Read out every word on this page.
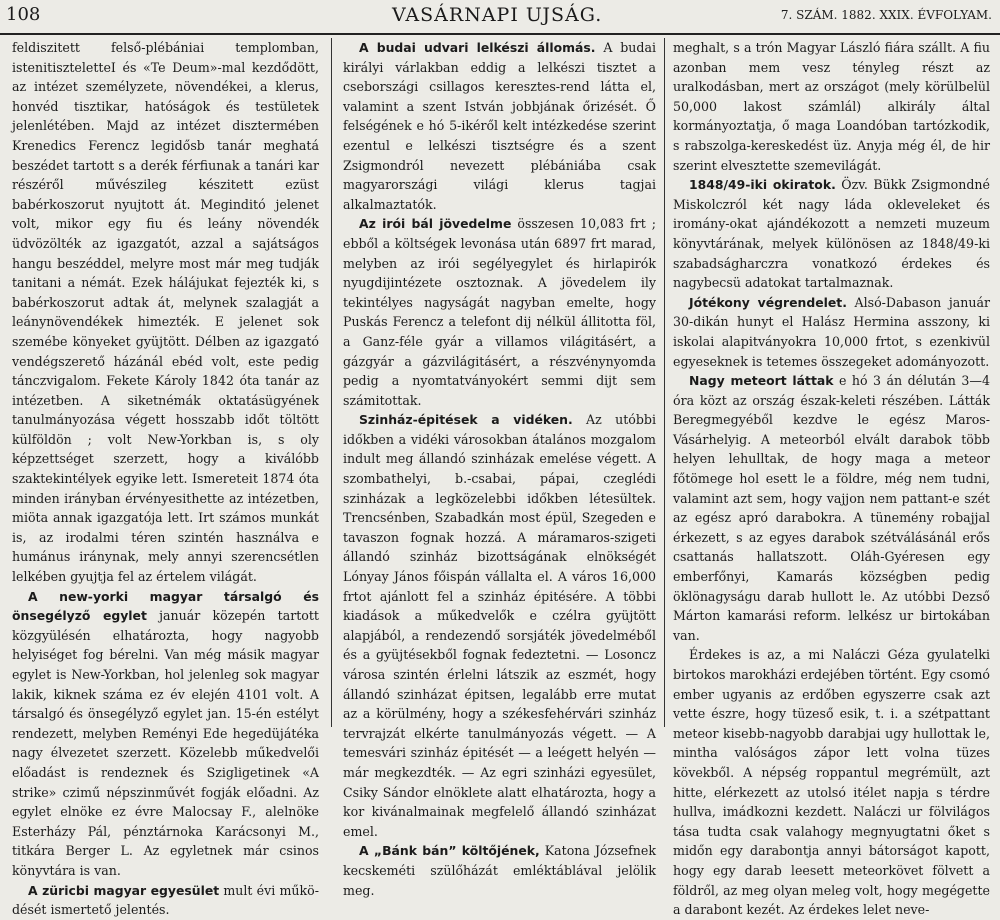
108	VASÁRNAPI UJSÁG.	7. SZÁM. 1882. XXIX. ÉVFOLYAM.

feldiszitett felső-plébániai templomban, istenitiszteletteI és «Te Deum»-mal kezdődött, az intézet személyzete, növendékei, a klerus, honvéd tisztikar, hatóságok és testületek jelenlétében. Majd az intézet disztermében Krenedics Ferencz legidősb tanár meghatá beszédet tartott s a derék férfiunak a tanári kar részéről művészileg készitett ezüst babérkoszorut nyujtott át. Meginditó jelenet volt, mikor egy fiu és leány növendék üdvözölték az igazgatót, azzal a sajátságos hangu beszéddel, melyre most már meg tudják tanitani a némát. Ezek hálájukat fejezték ki, s babérkoszorut adtak át, melynek szalagját a leánynövendékek himezték. E jelenet sok szemébe könyeket gyüjtött. Délben az igazgató vendégszerető házánál ebéd volt, este pedig tánczvigalom. Fekete Károly 1842 óta tanár az intézetben. A siketnémák oktatásügyének tanulmányozása végett hosszabb időt töltött külföldön ; volt New-Yorkban is, s oly képzettséget szerzett, hogy a kiválóbb szaktekintélyek egyike lett. Ismereteit 1874 óta minden irányban érvényesithette az intézetben, miöta annak igazgatója lett. Irt számos munkát is, az irodalmi téren szintén használva e humánus iránynak, mely annyi szerencsétlen lelkében gyujtja fel az értelem világát.

A new-yorki magyar társalgó és önsegélyző egylet január közepén tartott közgyülésén elhatározta, hogy nagyobb helyiséget fog bérelni. Van még másik magyar egylet is New-Yorkban, hol jelenleg sok magyar lakik, kiknek száma ez év elején 4101 volt. A társalgó és önsegélyző egylet jan. 15-én estélyt rendezett, melyben Reményi Ede hegedüjátéka nagy élvezetet szerzett. Közelebb műkedvelői előadást is rendeznek és Szigligetinek «A strike» czimű népszinművét fogják előadni. Az egylet elnöke ez évre Malocsay F., alelnöke Esterházy Pál, pénztárnoka Karácsonyi M., titkára Berger L. Az egyletnek már csinos könyvtára is van.

A züricbi magyar egyesület mult évi műkö-dését ismertető jelentés.

A budai udvari lelkészi állomás. A budai királyi várlakban eddig a lelkészi tisztet a csebországi csillagos keresztes-rend látta el, valamint a szent István jobbjának őrizését. Ő felségének e hó 5-ikéről kelt intézkedése szerint ezentul e lelkészi tisztségre és a szent Zsigmondról nevezett plébániába csak magyarországi világi klerus tagjai alkalmaztatók.

Az irói bál jövedelme összesen 10,083 frt ; ebből a költségek levonása után 6897 frt marad, melyben az irói segélyegylet és hirlapirók nyugdijintézete osztoznak. A jövedelem ily tekintélyes nagyságát nagyban emelte, hogy Puskás Ferencz a telefont dij nélkül állitotta föl, a Ganz-féle gyár a villamos világitásért, a gázgyár a gázvilágitásért, a részvénynyomda pedig a nyomtatványokért semmi dijt sem számitottak.

Szinház-épitések a vidéken. Az utóbbi időkben a vidéki városokban átalános mozgalom indult meg állandó szinházak emelése végett. A szombathelyi, b.-csabai, pápai, czeglédi szinházak a legközelebbi időkben létesültek. Trencsénben, Szabadkán most épül, Szegeden e tavaszon fognak hozzá. A máramaros-szigeti állandó szinház bizottságának elnökségét Lónyay János főispán vállalta el. A város 16,000 frtot ajánlott fel a szinház épitésére. A többi kiadások a műkedvelők e czélra gyüjtött alapjából, a rendezendő sorsjáték jövedelméből és a gyüjtésekből fognak fedeztetni. — Losoncz városa szintén érlelni látszik az eszmét, hogy állandó szinházat épitsen, legalább erre mutat az a körülmény, hogy a székesfehérvári szinház tervrajzát elkérte tanulmányozás végett. — A temesvári szinház épitését — a leégett helyén — már megkezdték. — Az egri szinházi egyesület, Csiky Sándor elnöklete alatt elhatározta, hogy a kor kivánalmainak megfelelő állandó szinházat emel.

A „Bánk bán” költőjének, Katona Józsefnek kecskeméti szülőházát emléktáblával jelölik meg.

meghalt, s a trón Magyar László fiára szállt. A fiu azonban mem vesz tényleg részt az uralkodásban, mert az országot (mely körülbelül 50,000 lakost számlál) alkirály által kormányoztatja, ő maga Loandóban tartózkodik, s rabszolga-kereskedést üz. Anyja még él, de hir szerint elvesztette szemevilágát.

1848/49-iki okiratok. Özv. Bükk Zsigmondné Miskolczról két nagy láda okleveleket és iromány-okat ajándékozott a nemzeti muzeum könyvtárának, melyek különösen az 1848/49-ki szabadságharczra vonatkozó érdekes és nagybecsü adatokat tartalmaznak.

Jótékony végrendelet. Alsó-Dabason január 30-dikán hunyt el Halász Hermina asszony, ki iskolai alapitványokra 10,000 frtot, s ezenkivül egyeseknek is tetemes összegeket adományozott.

Nagy meteort láttak e hó 3 án délután 3—4 óra közt az ország észak-keleti részében. Látták Beregmegyéből kezdve le egész Maros-Vásárhelyig. A meteorból elvált darabok több helyen lehulltak, de hogy maga a meteor főtömege hol esett le a földre, még nem tudni, valamint azt sem, hogy vajjon nem pattant-e szét az egész apró darabokra. A tünemény robajjal érkezett, s az egyes darabok szétválásánál erős csattanás hallatszott. Oláh-Gyéresen egy emberfőnyi, Kamarás községben pedig öklönagyságu darab hullott le. Az utóbbi Dezső Márton kamarási reform. lelkész ur birtokában van.

Érdekes is az, a mi Naláczi Géza gyulatelki birtokos marokházi erdejében történt. Egy csomó ember ugyanis az erdőben egyszerre csak azt vette észre, hogy tüzeső esik, t. i. a szétpattant meteor kisebb-nagyobb darabjai ugy hullottak le, mintha valóságos zápor lett volna tüzes kövekből. A népség roppantul megrémült, azt hitte, elérkezett az utolsó itélet napja s térdre hullva, imádkozni kezdett. Naláczi ur fölvilágos tása tudta csak valahogy megnyugtatni őket s midőn egy darabontja annyi bátorságot kapott, hogy egy darab leesett meteorkövet fölvett a földről, az meg olyan meleg volt, hogy megégette a darabont kezét. Az érdekes lelet neve-
